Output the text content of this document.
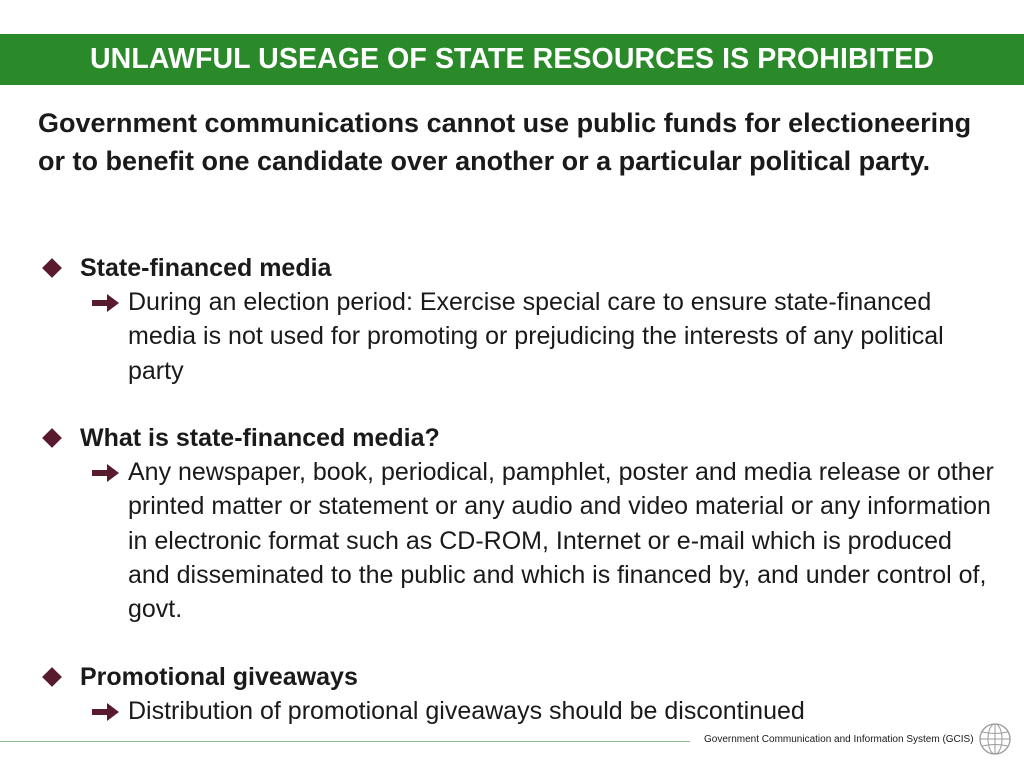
UNLAWFUL USEAGE OF STATE RESOURCES IS PROHIBITED
Government communications cannot use public funds for electioneering or to benefit one candidate over another or a particular political party.
State-financed media
During an election period: Exercise special care to ensure state-financed media is not used for promoting or prejudicing the interests of any political party
What is state-financed media?
Any newspaper, book, periodical, pamphlet, poster and media release or other printed matter or statement or any audio and video material or any information in electronic format such as CD-ROM, Internet or e-mail which is produced and disseminated to the public and which is financed by, and under control of, govt.
Promotional giveaways
Distribution of promotional giveaways should be discontinued
Government Communication and Information System (GCIS)
